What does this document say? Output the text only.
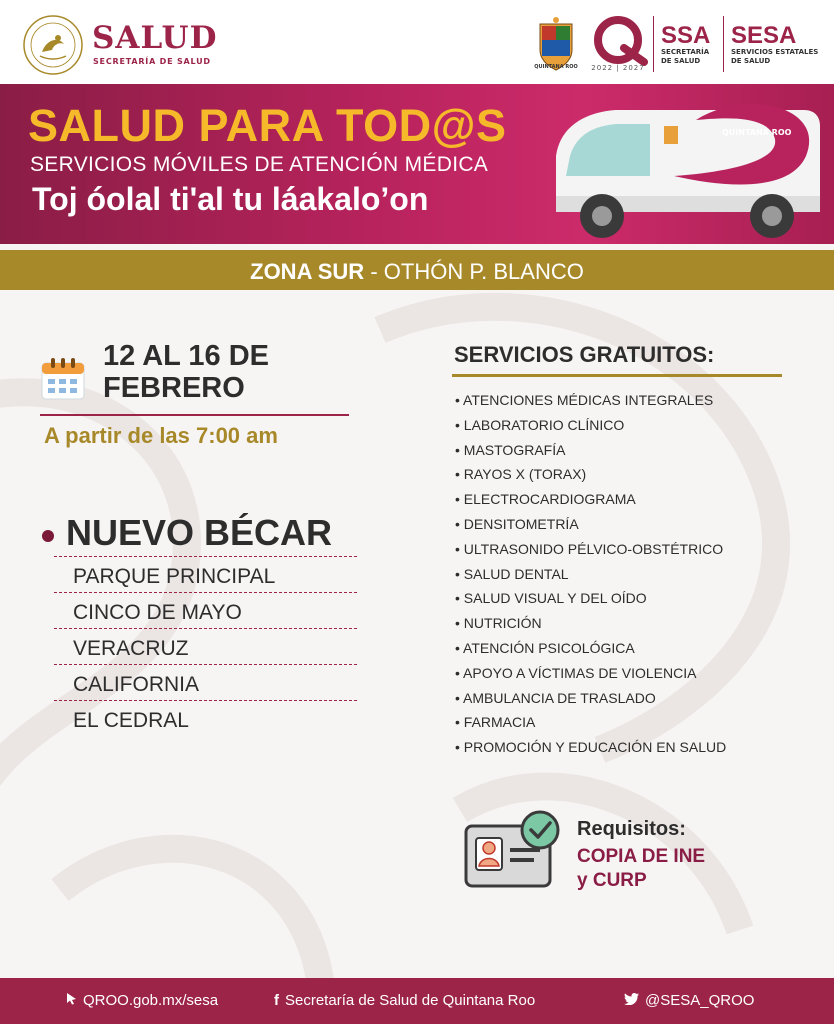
SALUD
SECRETARÍA DE SALUD
QUINTANA ROO	2022 | 2027
SSA
SECRETARÍA DE SALUD
SESA
SERVICIOS ESTATALES DE SALUD
SALUD PARA TOD@S
SERVICIOS MÓVILES DE ATENCIÓN MÉDICA
Toj óolal ti'al tu láakalo’on
QUINTANA ROO
ZONA SUR - OTHÓN P. BLANCO
12 AL 16 DE
FEBRERO
A partir de las 7:00 am
NUEVO BÉCAR
PARQUE PRINCIPAL
CINCO DE MAYO
VERACRUZ
CALIFORNIA
EL CEDRAL
SERVICIOS GRATUITOS:
• ATENCIONES MÉDICAS INTEGRALES
• LABORATORIO CLÍNICO
• MASTOGRAFÍA
• RAYOS X (TORAX)
• ELECTROCARDIOGRAMA
• DENSITOMETRÍA
• ULTRASONIDO PÉLVICO-OBSTÉTRICO
• SALUD DENTAL
• SALUD VISUAL Y DEL OÍDO
• NUTRICIÓN
• ATENCIÓN PSICOLÓGICA
• APOYO A VÍCTIMAS DE VIOLENCIA
• AMBULANCIA DE TRASLADO
• FARMACIA
• PROMOCIÓN Y EDUCACIÓN EN SALUD
Requisitos:
COPIA DE INE
y CURP
QROO.gob.mx/sesa	f Secretaría de Salud de Quintana Roo	@SESA_QROO
